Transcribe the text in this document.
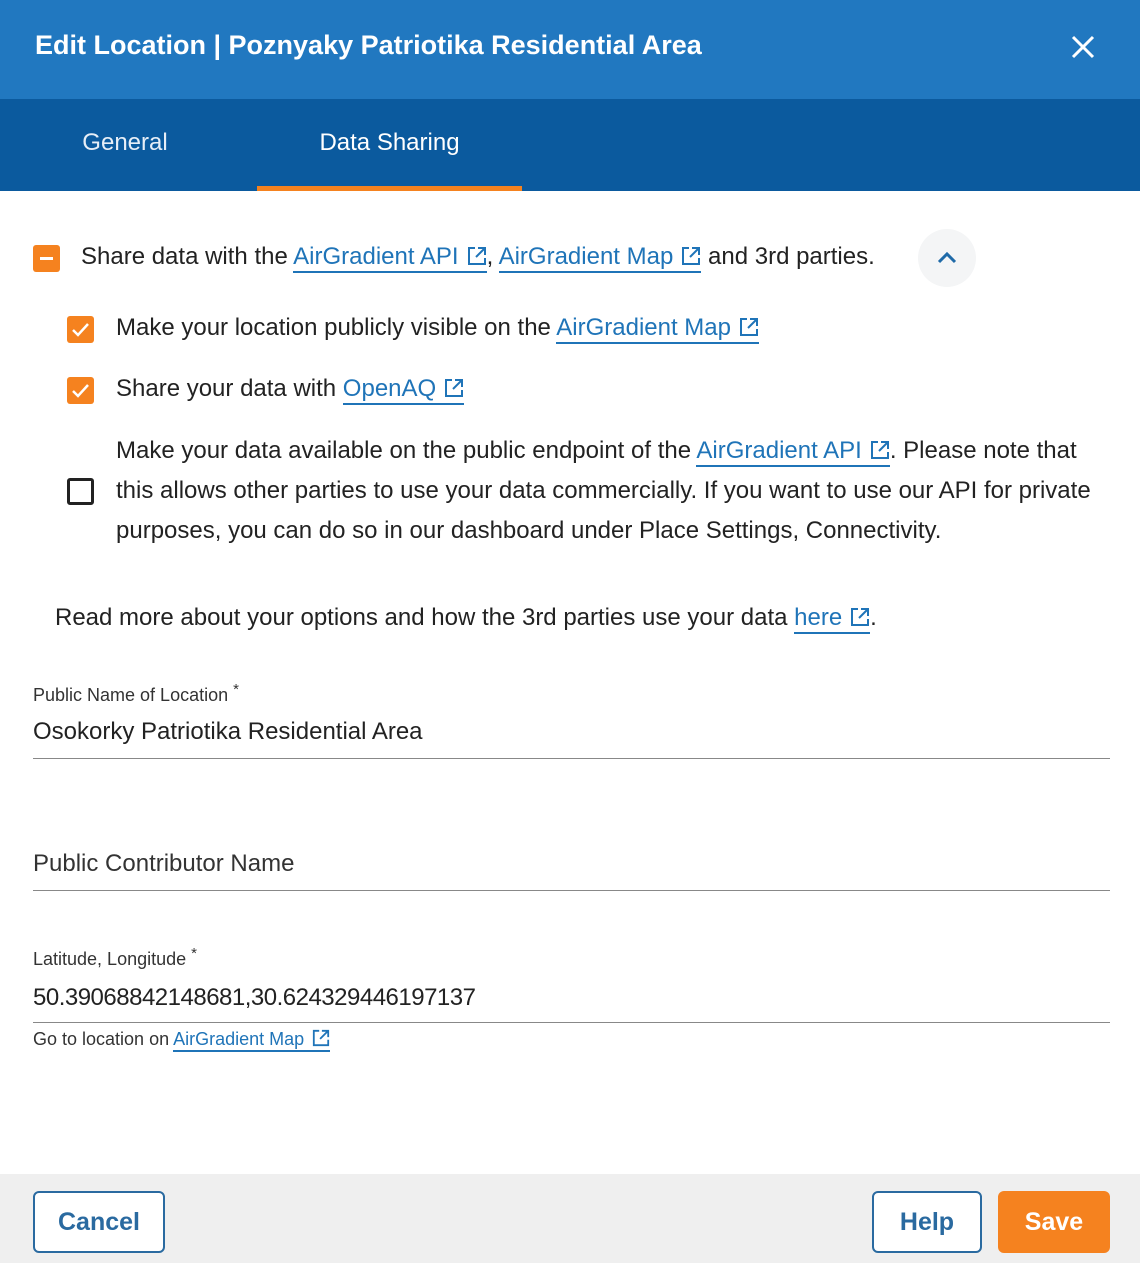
Edit Location | Poznyaky Patriotika Residential Area
General	Data Sharing
Share data with the AirGradient API , AirGradient Map and 3rd parties.
Make your location publicly visible on the AirGradient Map
Share your data with OpenAQ
Make your data available on the public endpoint of the AirGradient API . Please note that this allows other parties to use your data commercially. If you want to use our API for private purposes, you can do so in our dashboard under Place Settings, Connectivity.
Read more about your options and how the 3rd parties use your data here .
Public Name of Location *
Osokorky Patriotika Residential Area
Public Contributor Name
Latitude, Longitude *
50.39068842148681,30.624329446197137
Go to location on AirGradient Map
Cancel	Help	Save
